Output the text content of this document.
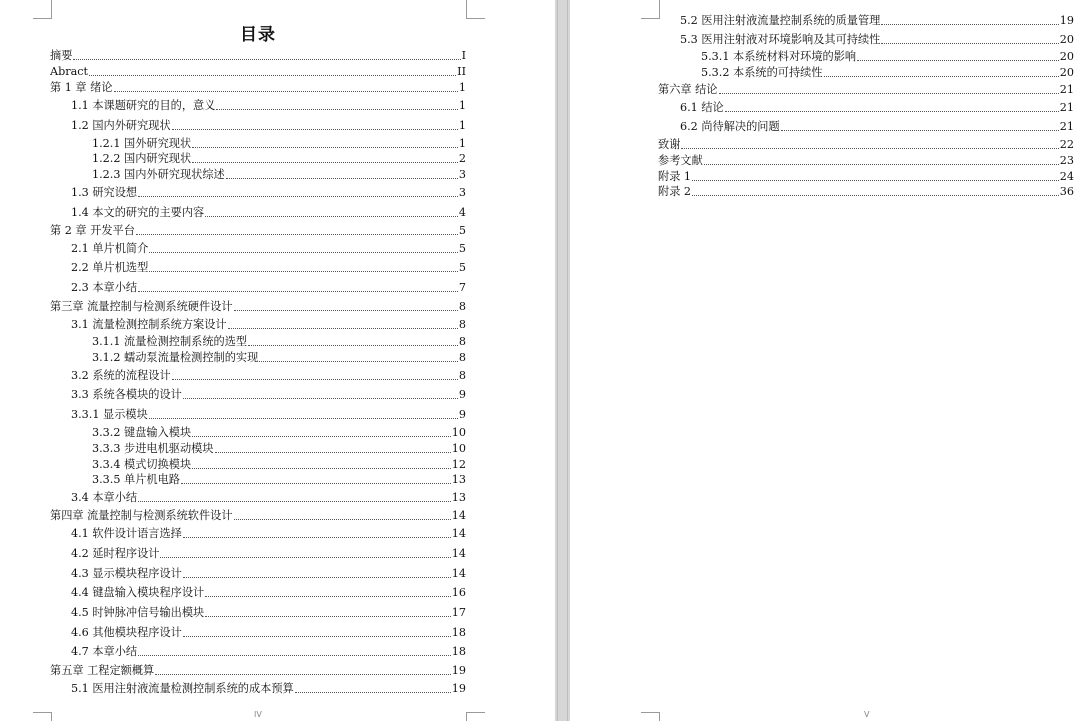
目录
摘要	I
Abract	II
第 1 章 绪论	1
1.1 本课题研究的目的，意义	1
1.2 国内外研究现状	1
1.2.1 国外研究现状	1
1.2.2 国内研究现状	2
1.2.3 国内外研究现状综述	3
1.3 研究设想	3
1.4 本文的研究的主要内容	4
第 2 章 开发平台	5
2.1 单片机简介	5
2.2 单片机选型	5
2.3 本章小结	7
第三章 流量控制与检测系统硬件设计	8
3.1 流量检测控制系统方案设计	8
3.1.1 流量检测控制系统的选型	8
3.1.2 蠕动泵流量检测控制的实现	8
3.2 系统的流程设计	8
3.3 系统各模块的设计	9
3.3.1 显示模块	9
3.3.2 键盘输入模块	10
3.3.3 步进电机驱动模块	10
3.3.4 模式切换模块	12
3.3.5 单片机电路	13
3.4 本章小结	13
第四章 流量控制与检测系统软件设计	14
4.1 软件设计语言选择	14
4.2 延时程序设计	14
4.3 显示模块程序设计	14
4.4 键盘输入模块程序设计	16
4.5 时钟脉冲信号输出模块	17
4.6 其他模块程序设计	18
4.7 本章小结	18
第五章 工程定额概算	19
5.1 医用注射液流量检测控制系统的成本预算	19
IV
5.2 医用注射液流量控制系统的质量管理	19
5.3 医用注射液对环境影响及其可持续性	20
5.3.1 本系统材料对环境的影响	20
5.3.2 本系统的可持续性	20
第六章 结论	21
6.1 结论	21
6.2 尚待解决的问题	21
致谢	22
参考文献	23
附录 1	24
附录 2	36
V
